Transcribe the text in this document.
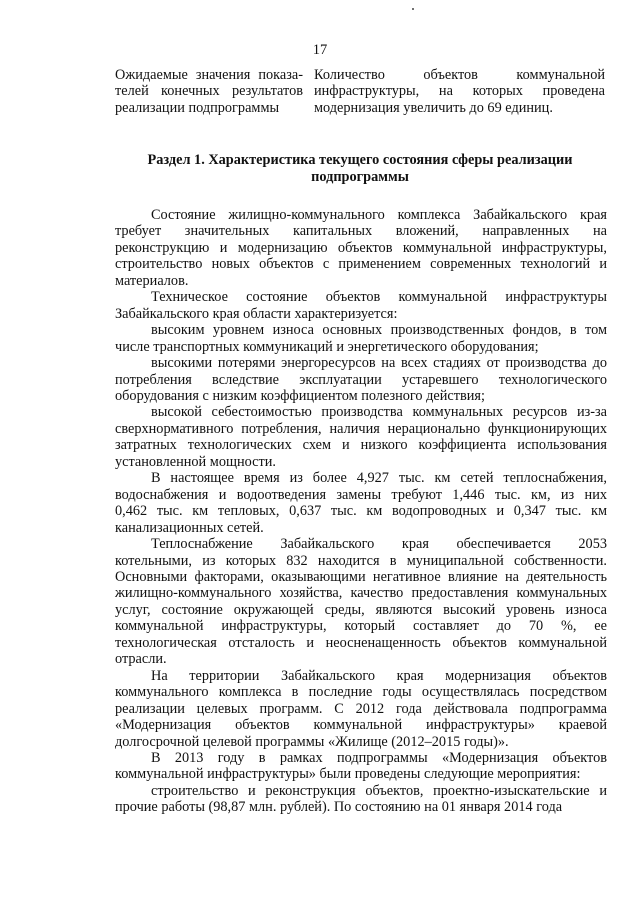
17
Ожидаемые значения показа-
телей конечных результатов
реализации подпрограммы
Количество объектов коммунальной
инфраструктуры, на которых проведена
модернизация увеличить до 69 единиц.
Раздел 1. Характеристика текущего состояния сферы реализации
подпрограммы

Состояние жилищно-коммунального комплекса Забайкальского края
требует значительных капитальных вложений, направленных на
реконструкцию и модернизацию объектов коммунальной инфраструктуры,
строительство новых объектов с применением современных технологий и
материалов.

Техническое состояние объектов коммунальной инфраструктуры
Забайкальского края области характеризуется:

высоким уровнем износа основных производственных фондов, в том
числе транспортных коммуникаций и энергетического оборудования;

высокими потерями энергоресурсов на всех стадиях от производства до
потребления вследствие эксплуатации устаревшего технологического
оборудования с низким коэффициентом полезного действия;

высокой себестоимостью производства коммунальных ресурсов из-за
сверхнормативного потребления, наличия нерационально функционирующих
затратных технологических схем и низкого коэффициента использования
установленной мощности.

В настоящее время из более 4,927 тыс. км сетей теплоснабжения,
водоснабжения и водоотведения замены требуют 1,446 тыс. км, из них
0,462 тыс. км тепловых, 0,637 тыс. км водопроводных и 0,347 тыс. км
канализационных сетей.

Теплоснабжение Забайкальского края обеспечивается 2053
котельными, из которых 832 находится в муниципальной собственности.
Основными факторами, оказывающими негативное влияние на деятельность
жилищно-коммунального хозяйства, качество предоставления коммунальных
услуг, состояние окружающей среды, являются высокий уровень износа
коммунальной инфраструктуры, который составляет до 70 %, ее
технологическая отсталость и неосненащенность объектов коммунальной
отрасли.

На территории Забайкальского края модернизация объектов
коммунального комплекса в последние годы осуществлялась посредством
реализации целевых программ. С 2012 года действовала подпрограмма
«Модернизация объектов коммунальной инфраструктуры» краевой
долгосрочной целевой программы «Жилище (2012–2015 годы)».

В 2013 году в рамках подпрограммы «Модернизация объектов
коммунальной инфраструктуры» были проведены следующие мероприятия:

строительство и реконструкция объектов, проектно-изыскательские и
прочие работы (98,87 млн. рублей). По состоянию на 01 января 2014 года
